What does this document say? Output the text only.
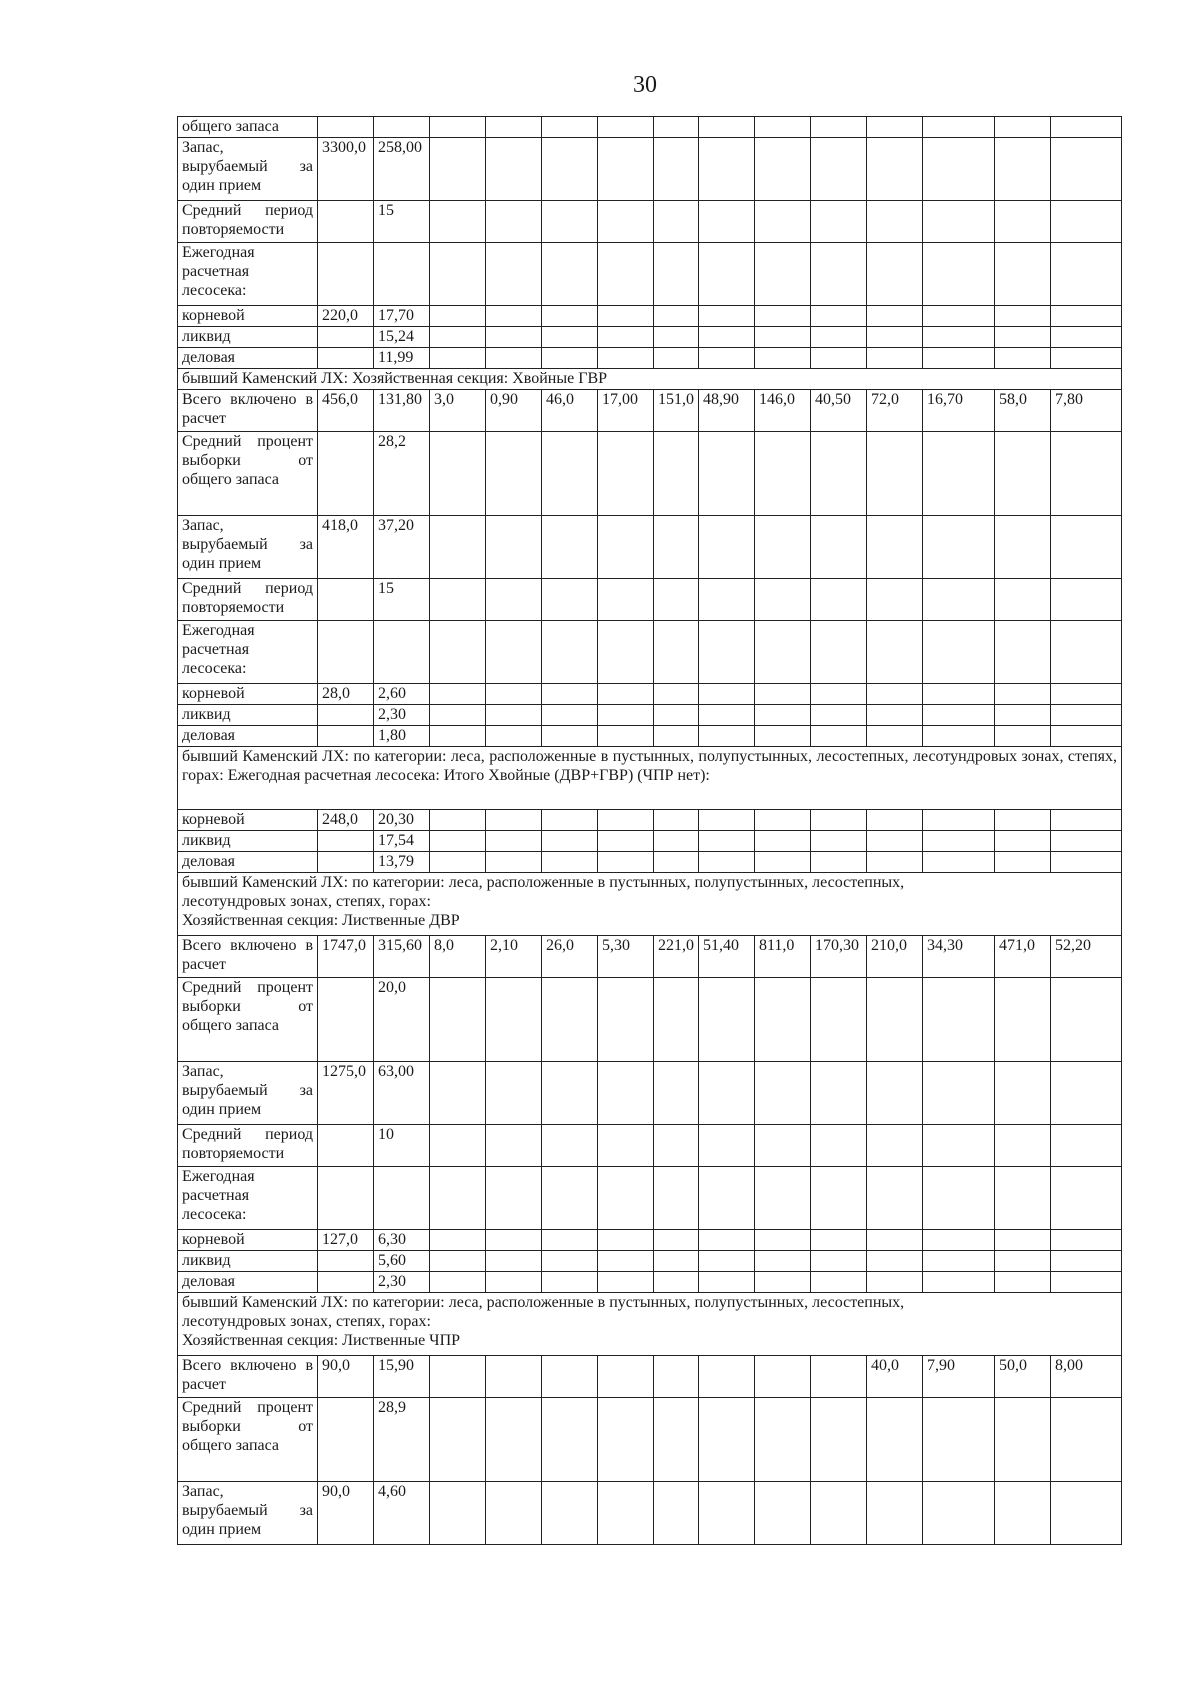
30
общего запаса														
Запас, вырубаемый за один прием	3300,0	258,00												
Средний период повторяемости		15												
Ежегодная расчетная лесосека:														
корневой	220,0	17,70												
ликвид		15,24												
деловая		11,99												
бывший Каменский ЛХ: Хозяйственная секция: Хвойные ГВР														
Всего включено в расчет	456,0	131,80	3,0	0,90	46,0	17,00	151,0	48,90	146,0	40,50	72,0	16,70	58,0	7,80
Средний процент выборки от общего запаса		28,2												
Запас, вырубаемый за один прием	418,0	37,20												
Средний период повторяемости		15												
Ежегодная расчетная лесосека:														
корневой	28,0	2,60												
ликвид		2,30												
деловая		1,80												
бывший Каменский ЛХ: по категории: леса, расположенные в пустынных, полупустынных, лесостепных, лесотундровых зонах, степях, горах: Ежегодная расчетная лесосека: Итого Хвойные (ДВР+ГВР) (ЧПР нет):														
корневой	248,0	20,30												
ликвид		17,54												
деловая		13,79												
бывший Каменский ЛХ: по категории: леса, расположенные в пустынных, полупустынных, лесостепных,
лесотундровых зонах, степях, горах:
Хозяйственная секция: Лиственные ДВР														
Всего включено в расчет	1747,0	315,60	8,0	2,10	26,0	5,30	221,0	51,40	811,0	170,30	210,0	34,30	471,0	52,20
Средний процент выборки от общего запаса		20,0												
Запас, вырубаемый за один прием	1275,0	63,00												
Средний период повторяемости		10												
Ежегодная расчетная лесосека:														
корневой	127,0	6,30												
ликвид		5,60												
деловая		2,30												
бывший Каменский ЛХ: по категории: леса, расположенные в пустынных, полупустынных, лесостепных,
лесотундровых зонах, степях, горах:
Хозяйственная секция: Лиственные ЧПР														
Всего включено в расчет	90,0	15,90									40,0	7,90	50,0	8,00
Средний процент выборки от общего запаса		28,9												
Запас, вырубаемый за один прием	90,0	4,60												
